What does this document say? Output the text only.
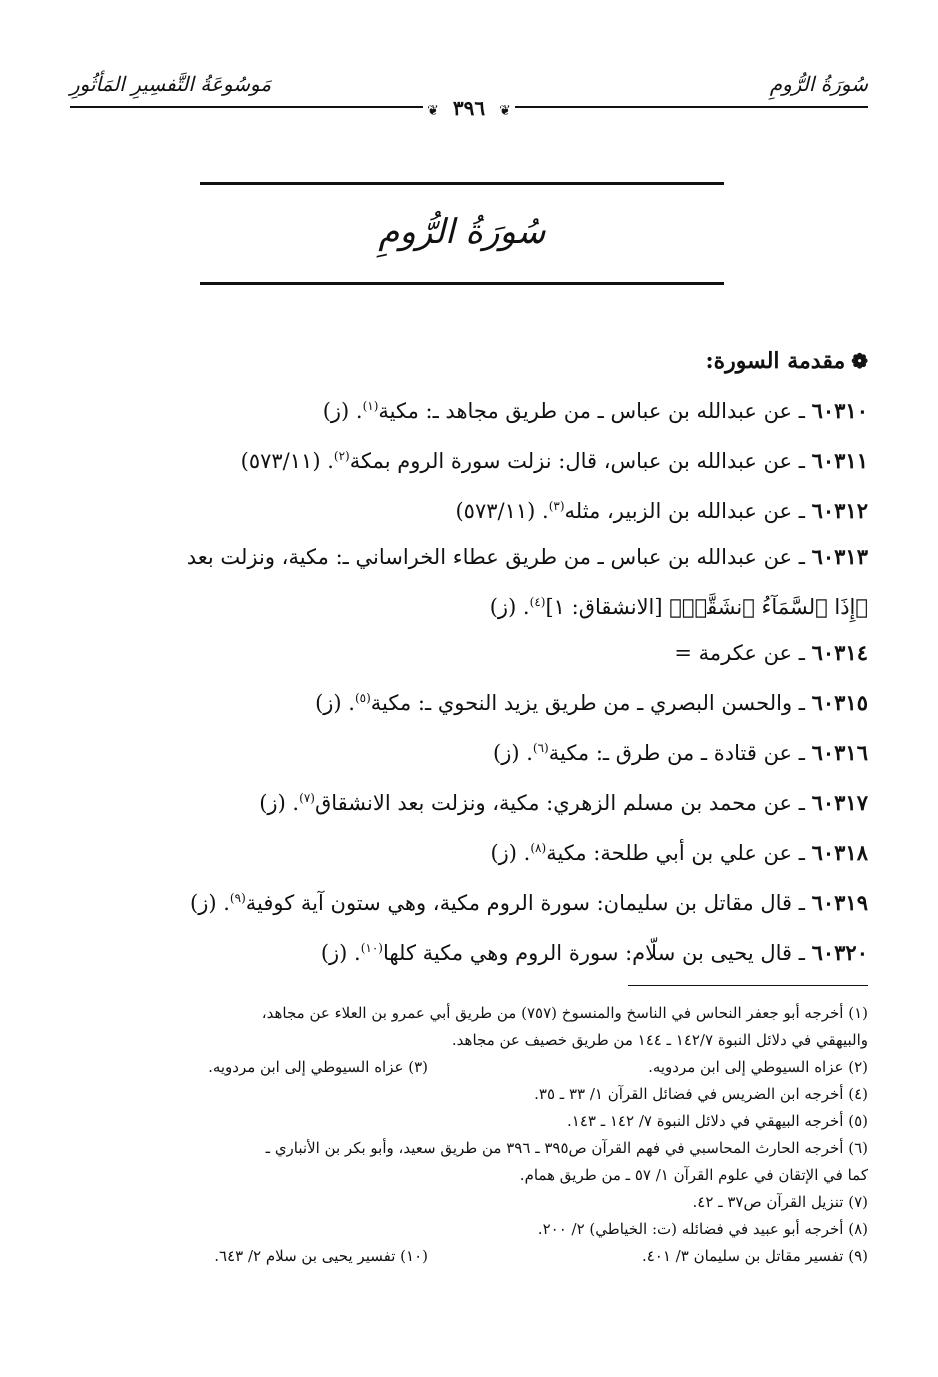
سُورَةُ الرُّومِ
مَوسُوعَةُ التَّفسِيرِ المَأثُورِ
❦ ٣٩٦ ❦
سُورَةُ الرُّومِ
❁مقدمة السورة:
٦٠٣١٠ ـ عن عبدالله بن عباس ـ من طريق مجاهد ـ: مكية$^{(١)}$. (ز)
٦٠٣١١ ـ عن عبدالله بن عباس، قال: نزلت سورة الروم بمكة$^{(٢)}$. (٥٧٣/١١)
٦٠٣١٢ ـ عن عبدالله بن الزبير، مثله$^{(٣)}$. (٥٧٣/١١)
٦٠٣١٣ ـ عن عبدالله بن عباس ـ من طريق عطاء الخراساني ـ: مكية، ونزلت بعد
﴿إِذَا ٱلسَّمَآءُ ٱنشَقَّتۡ﴾ [الانشقاق: ١]$^{(٤)}$. (ز)
٦٠٣١٤ ـ عن عكرمة =
٦٠٣١٥ ـ والحسن البصري ـ من طريق يزيد النحوي ـ: مكية$^{(٥)}$. (ز)
٦٠٣١٦ ـ عن قتادة ـ من طرق ـ: مكية$^{(٦)}$. (ز)
٦٠٣١٧ ـ عن محمد بن مسلم الزهري: مكية، ونزلت بعد الانشقاق$^{(٧)}$. (ز)
٦٠٣١٨ ـ عن علي بن أبي طلحة: مكية$^{(٨)}$. (ز)
٦٠٣١٩ ـ قال مقاتل بن سليمان: سورة الروم مكية، وهي ستون آية كوفية$^{(٩)}$. (ز)
٦٠٣٢٠ ـ قال يحيى بن سلّام: سورة الروم وهي مكية كلها$^{(١٠)}$. (ز)
(١) أخرجه أبو جعفر النحاس في الناسخ والمنسوخ (٧٥٧) من طريق أبي عمرو بن العلاء عن مجاهد،
والبيهقي في دلائل النبوة ١٤٢/٧ ـ ١٤٤ من طريق خصيف عن مجاهد.
(٢) عزاه السيوطي إلى ابن مردويه.
(٣) عزاه السيوطي إلى ابن مردويه.
(٤) أخرجه ابن الضريس في فضائل القرآن ١/ ٣٣ ـ ٣٥.
(٥) أخرجه البيهقي في دلائل النبوة ٧/ ١٤٢ ـ ١٤٣.
(٦) أخرجه الحارث المحاسبي في فهم القرآن ص٣٩٥ ـ ٣٩٦ من طريق سعيد، وأبو بكر بن الأنباري ـ
كما في الإتقان في علوم القرآن ١/ ٥٧ ـ من طريق همام.
(٧) تنزيل القرآن ص٣٧ ـ ٤٢.
(٨) أخرجه أبو عبيد في فضائله (ت: الخياطي) ٢/ ٢٠٠.
(٩) تفسير مقاتل بن سليمان ٣/ ٤٠١.
(١٠) تفسير يحيى بن سلام ٢/ ٦٤٣.
